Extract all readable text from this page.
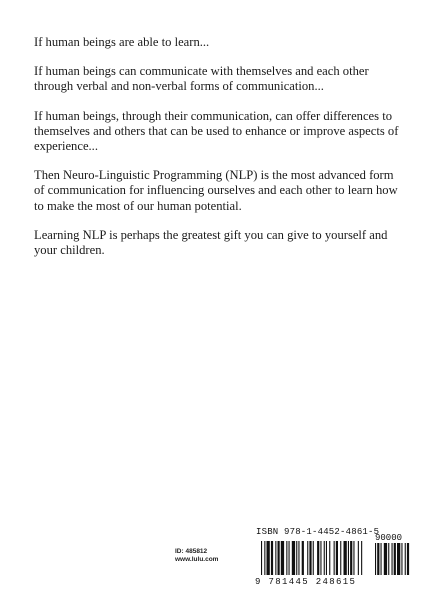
If human beings are able to learn...

If human beings can communicate with themselves and each other through verbal and non-verbal forms of communication...

If human beings, through their communication, can offer differences to themselves and others that can be used to enhance or improve aspects of experience...

Then Neuro-Linguistic Programming (NLP) is the most advanced form of communication for influencing ourselves and each other to learn how to make the most of our human potential.

Learning NLP is perhaps the greatest gift you can give to yourself and your children.

ID: 485812
www.lulu.com
ISBN 978-1-4452-4861-5
90000
9 781445 248615
